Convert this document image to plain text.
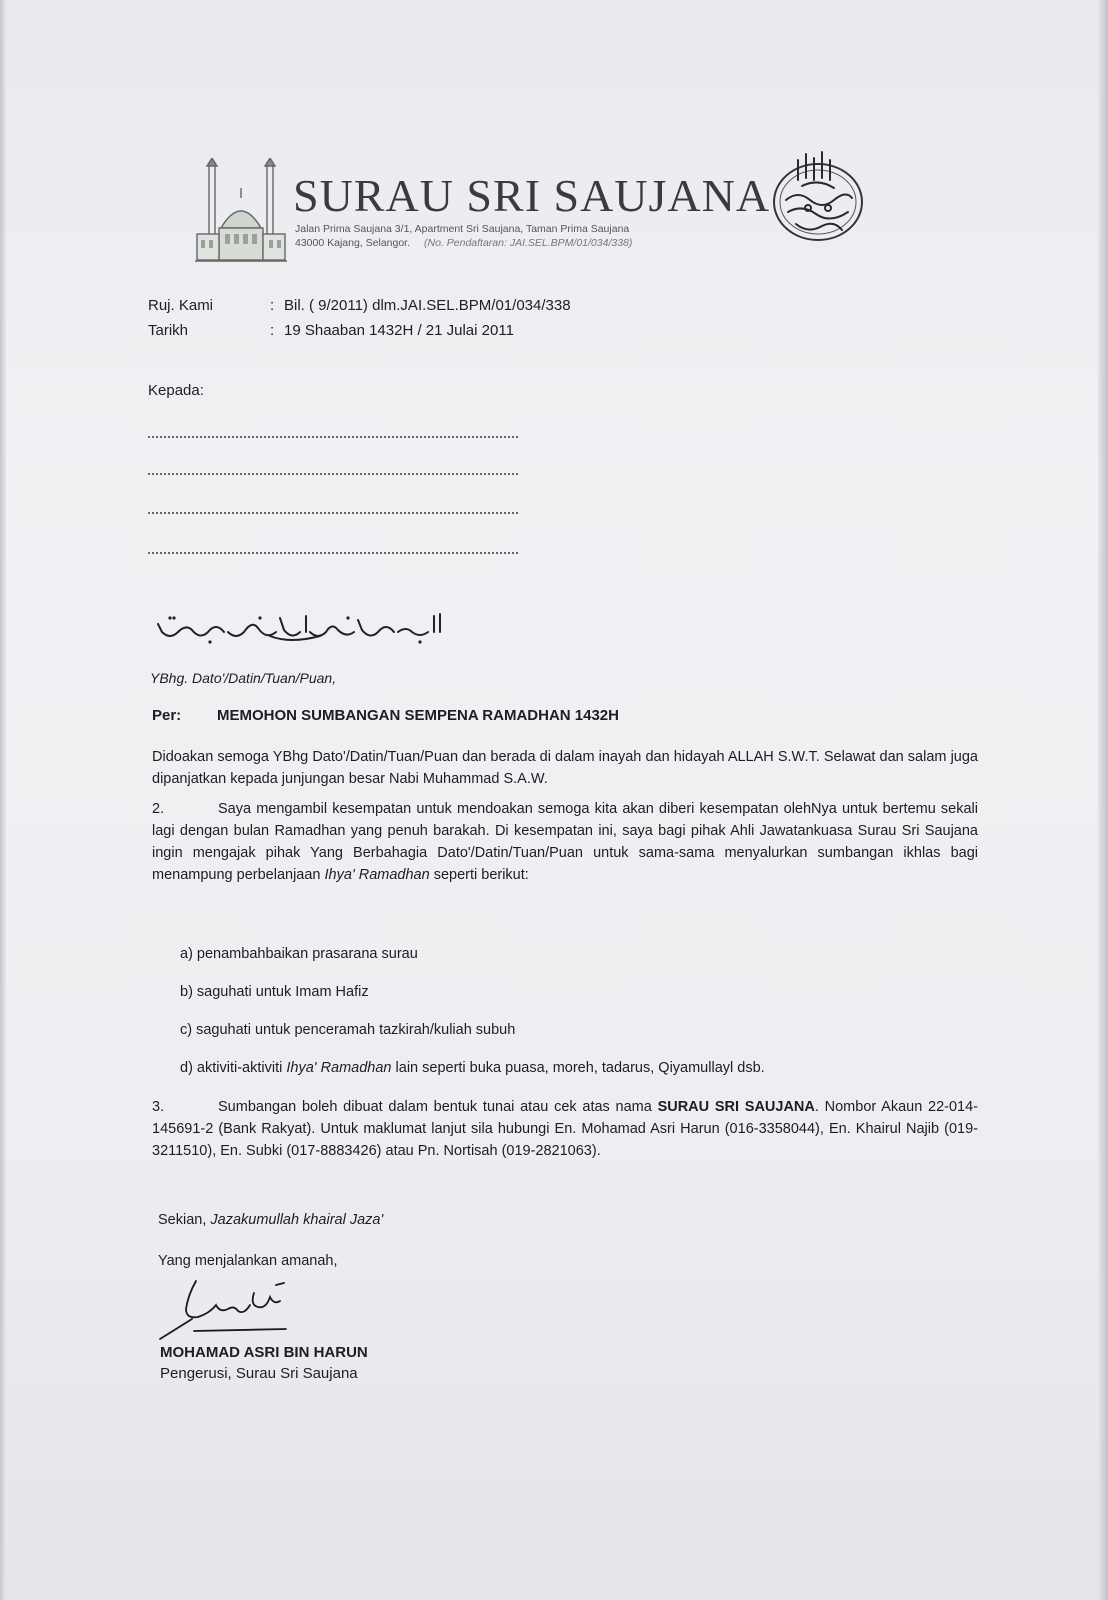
SURAU SRI SAUJANA
Jalan Prima Saujana 3/1, Apartment Sri Saujana, Taman Prima Saujana
43000 Kajang, Selangor. (No. Pendaftaran: JAI.SEL.BPM/01/034/338)
Ruj. Kami	: Bil. ( 9/2011) dlm.JAI.SEL.BPM/01/034/338
Tarikh	: 19 Shaaban 1432H / 21 Julai 2011
Kepada:
YBhg. Dato'/Datin/Tuan/Puan,
Per: MEMOHON SUMBANGAN SEMPENA RAMADHAN 1432H
Didoakan semoga YBhg Dato'/Datin/Tuan/Puan dan berada di dalam inayah dan hidayah ALLAH S.W.T. Selawat dan salam juga dipanjatkan kepada junjungan besar Nabi Muhammad S.A.W.
2.	Saya mengambil kesempatan untuk mendoakan semoga kita akan diberi kesempatan olehNya untuk bertemu sekali lagi dengan bulan Ramadhan yang penuh barakah. Di kesempatan ini, saya bagi pihak Ahli Jawatankuasa Surau Sri Saujana ingin mengajak pihak Yang Berbahagia Dato'/Datin/Tuan/Puan untuk sama-sama menyalurkan sumbangan ikhlas bagi menampung perbelanjaan Ihya' Ramadhan seperti berikut:
a) penambahbaikan prasarana surau
b) saguhati untuk Imam Hafiz
c) saguhati untuk penceramah tazkirah/kuliah subuh
d) aktiviti-aktiviti Ihya' Ramadhan lain seperti buka puasa, moreh, tadarus, Qiyamullayl dsb.
3.	Sumbangan boleh dibuat dalam bentuk tunai atau cek atas nama SURAU SRI SAUJANA. Nombor Akaun 22-014-145691-2 (Bank Rakyat). Untuk maklumat lanjut sila hubungi En. Mohamad Asri Harun (016-3358044), En. Khairul Najib (019-3211510), En. Subki (017-8883426) atau Pn. Nortisah (019-2821063).
Sekian, Jazakumullah khairal Jaza'
Yang menjalankan amanah,
MOHAMAD ASRI BIN HARUN
Pengerusi, Surau Sri Saujana
